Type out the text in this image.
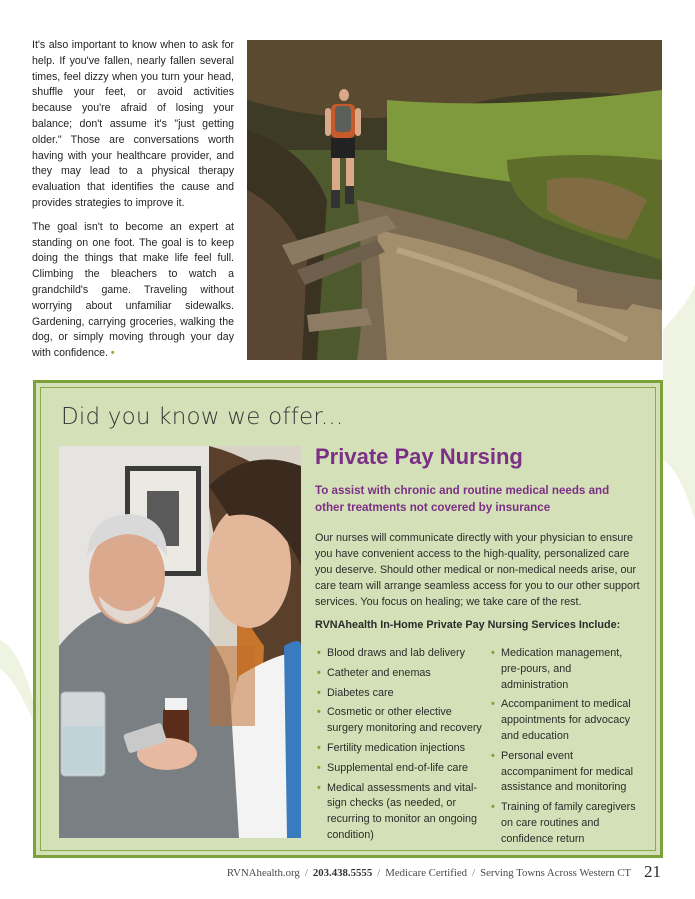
It's also important to know when to ask for help. If you've fallen, nearly fallen several times, feel dizzy when you turn your head, shuffle your feet, or avoid activities because you're afraid of losing your balance; don't assume it's "just getting older." Those are conversations worth having with your healthcare provider, and they may lead to a physical therapy evaluation that identifies the cause and provides strategies to improve it.

The goal isn't to become an expert at standing on one foot. The goal is to keep doing the things that make life feel full. Climbing the bleachers to watch a grandchild's game. Traveling without worrying about unfamiliar sidewalks. Gardening, carrying groceries, walking the dog, or simply moving through your day with confidence. •

Did you know we offer...
Private Pay Nursing
To assist with chronic and routine medical needs and other treatments not covered by insurance
Our nurses will communicate directly with your physician to ensure you have convenient access to the high-quality, personalized care you deserve. Should other medical or non-medical needs arise, our care team will arrange seamless access for you to our other support services. You focus on healing; we take care of the rest.
RVNAhealth In-Home Private Pay Nursing Services Include:
• Blood draws and lab delivery
• Catheter and enemas
• Diabetes care
• Cosmetic or other elective surgery monitoring and recovery
• Fertility medication injections
• Supplemental end-of-life care
• Medical assessments and vital-sign checks (as needed, or recurring to monitor an ongoing condition)
• Medication management, pre-pours, and administration
• Accompaniment to medical appointments for advocacy and education
• Personal event accompaniment for medical assistance and monitoring
• Training of family caregivers on care routines and confidence return
RVNAhealth.org / 203.438.5555 / Medicare Certified / Serving Towns Across Western CT 21
